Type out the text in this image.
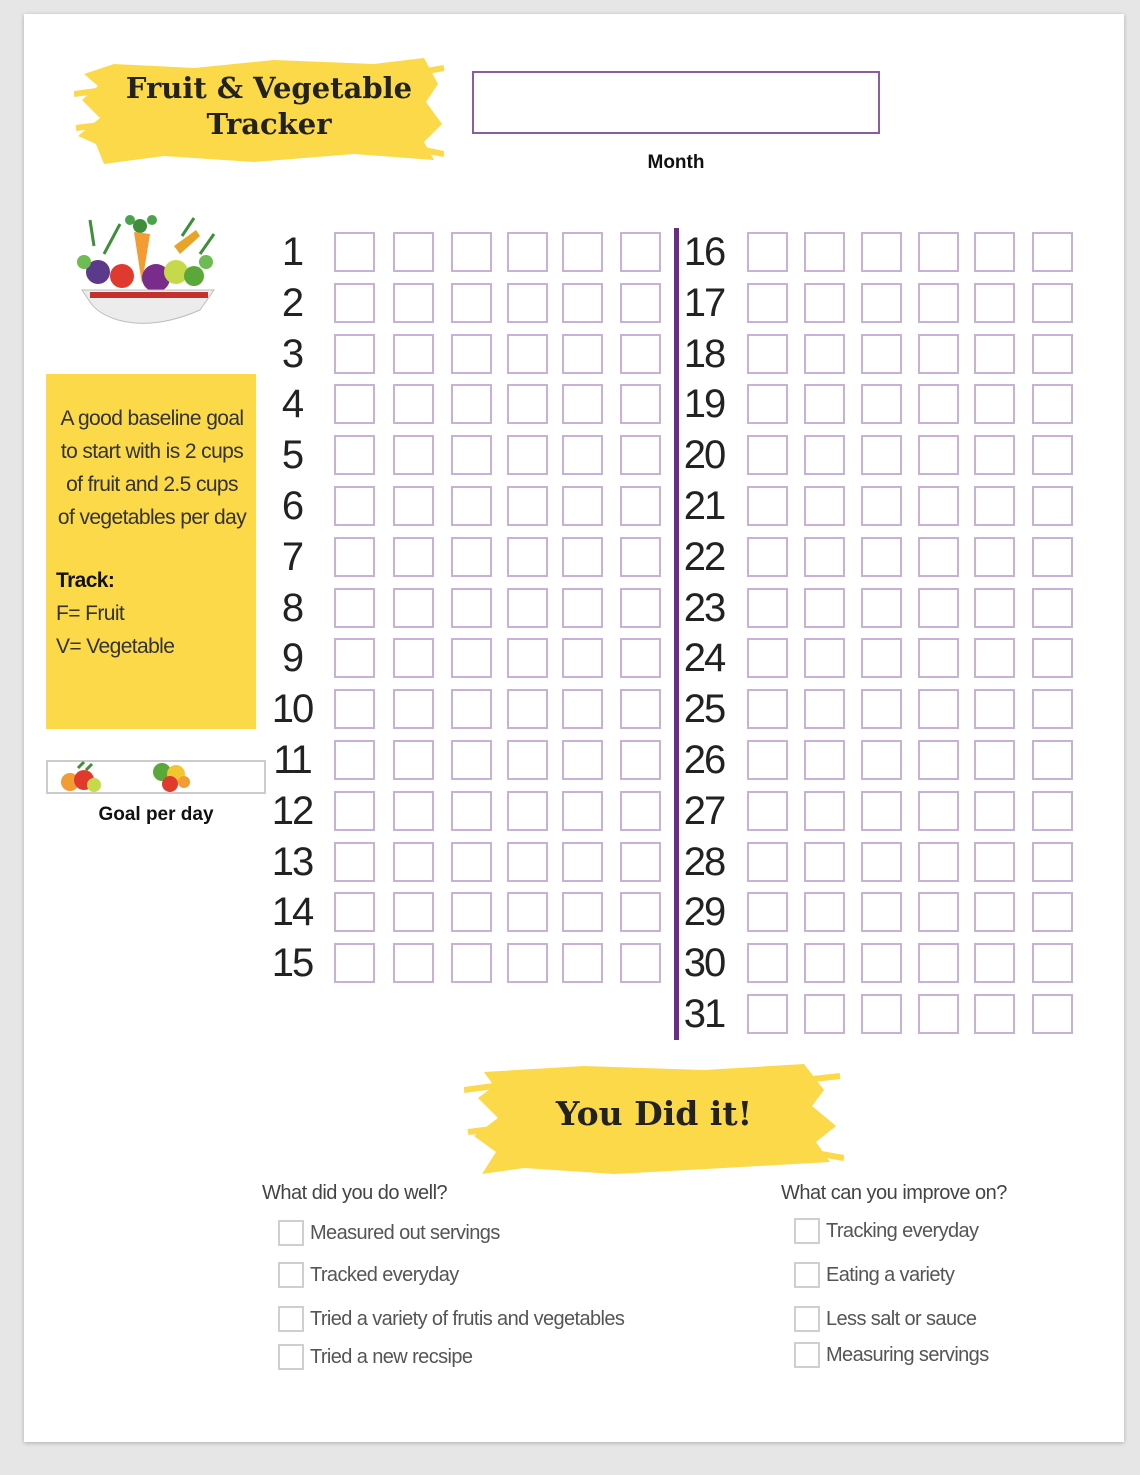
Fruit & Vegetable
Tracker
Month
A good baseline goal to start with is 2 cups of fruit and 2.5 cups of vegetables per day
Track:
F= Fruit
V= Vegetable
Goal per day
1
2
3
4
5
6
7
8
9
10
11
12
13
14
15
16
17
18
19
20
21
22
23
24
25
26
27
28
29
30
31
You Did it!
What did you do well?	What can you improve on?
Measured out servings
Tracked everyday
Tried a variety of frutis and vegetables
Tried a new recsipe
Tracking everyday
Eating a variety
Less salt or sauce
Measuring servings
